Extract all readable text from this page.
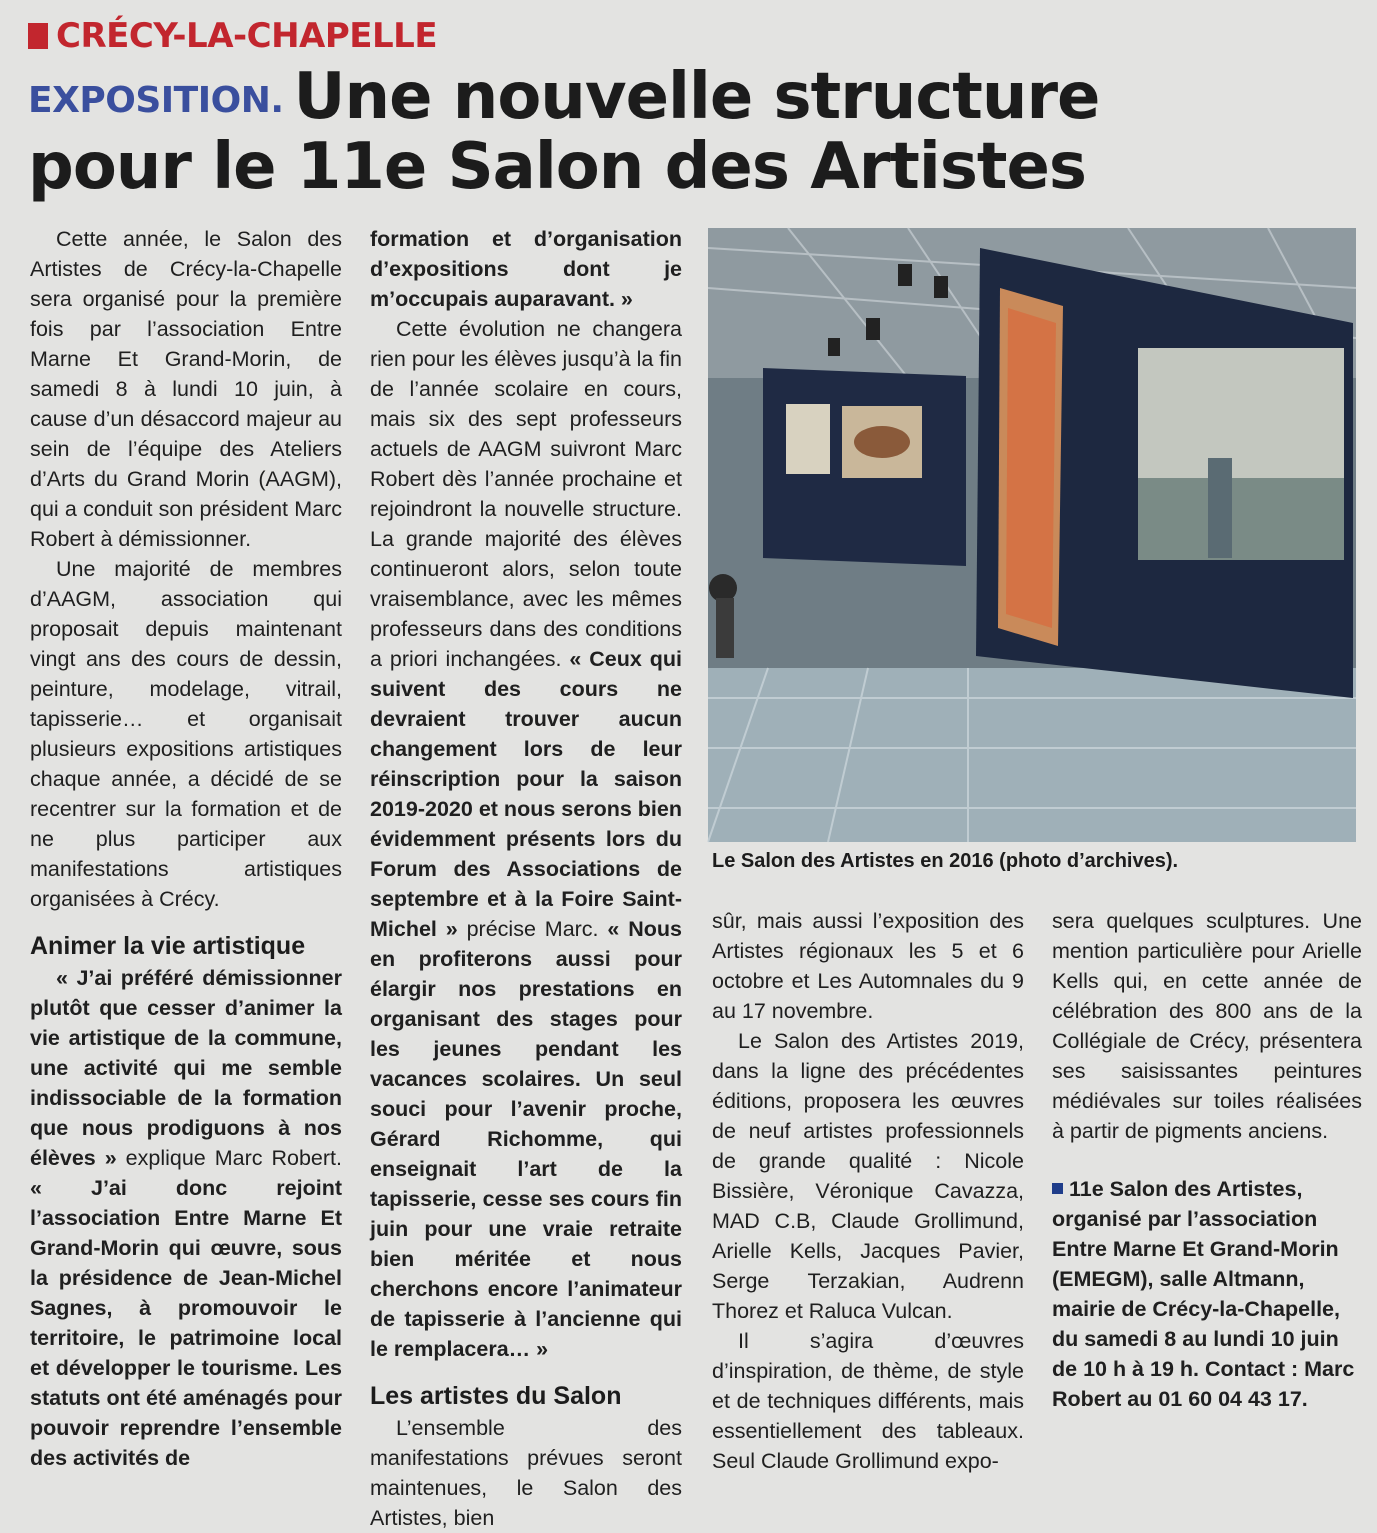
CRÉCY-LA-CHAPELLE
EXPOSITION. Une nouvelle structure pour le 11e Salon des Artistes

Cette année, le Salon des Artistes de Crécy-la-Chapelle sera organisé pour la première fois par l’association Entre Marne Et Grand-Morin, de samedi 8 à lundi 10 juin, à cause d’un désaccord majeur au sein de l’équipe des Ateliers d’Arts du Grand Morin (AAGM), qui a conduit son président Marc Robert à démissionner.

Une majorité de membres d’AAGM, association qui proposait depuis maintenant vingt ans des cours de dessin, peinture, modelage, vitrail, tapisserie… et organisait plusieurs expositions artistiques chaque année, a décidé de se recentrer sur la formation et de ne plus participer aux manifestations artistiques organisées à Crécy.

Animer la vie artistique

« J’ai préféré démissionner plutôt que cesser d’animer la vie artistique de la commune, une activité qui me semble indissociable de la formation que nous prodiguons à nos élèves » explique Marc Robert. « J’ai donc rejoint l’association Entre Marne Et Grand-Morin qui œuvre, sous la présidence de Jean-Michel Sagnes, à promouvoir le territoire, le patrimoine local et développer le tourisme. Les statuts ont été aménagés pour pouvoir reprendre l’ensemble des activités de

formation et d’organisation d’expositions dont je m’occupais auparavant. »

Cette évolution ne changera rien pour les élèves jusqu’à la fin de l’année scolaire en cours, mais six des sept professeurs actuels de AAGM suivront Marc Robert dès l’année prochaine et rejoindront la nouvelle structure. La grande majorité des élèves continueront alors, selon toute vraisemblance, avec les mêmes professeurs dans des conditions a priori inchangées. « Ceux qui suivent des cours ne devraient trouver aucun changement lors de leur réinscription pour la saison 2019-2020 et nous serons bien évidemment présents lors du Forum des Associations de septembre et à la Foire Saint-Michel » précise Marc. « Nous en profiterons aussi pour élargir nos prestations en organisant des stages pour les jeunes pendant les vacances scolaires. Un seul souci pour l’avenir proche, Gérard Richomme, qui enseignait l’art de la tapisserie, cesse ses cours fin juin pour une vraie retraite bien méritée et nous cherchons encore l’animateur de tapisserie à l’ancienne qui le remplacera… »

Les artistes du Salon

L’ensemble des manifestations prévues seront maintenues, le Salon des Artistes, bien

Le Salon des Artistes en 2016 (photo d’archives).

sûr, mais aussi l’exposition des Artistes régionaux les 5 et 6 octobre et Les Automnales du 9 au 17 novembre.

Le Salon des Artistes 2019, dans la ligne des précédentes éditions, proposera les œuvres de neuf artistes professionnels de grande qualité : Nicole Bissière, Véronique Cavazza, MAD C.B, Claude Grollimund, Arielle Kells, Jacques Pavier, Serge Terzakian, Audrenn Thorez et Raluca Vulcan.

Il s’agira d’œuvres d’inspiration, de thème, de style et de techniques différents, mais essentiellement des tableaux. Seul Claude Grollimund expo-

sera quelques sculptures. Une mention particulière pour Arielle Kells qui, en cette année de célébration des 800 ans de la Collégiale de Crécy, présentera ses saisissantes peintures médiévales sur toiles réalisées à partir de pigments anciens.

11e Salon des Artistes, organisé par l’association Entre Marne Et Grand-Morin (EMEGM), salle Altmann, mairie de Crécy-la-Chapelle, du samedi 8 au lundi 10 juin de 10 h à 19 h. Contact : Marc Robert au 01 60 04 43 17.
